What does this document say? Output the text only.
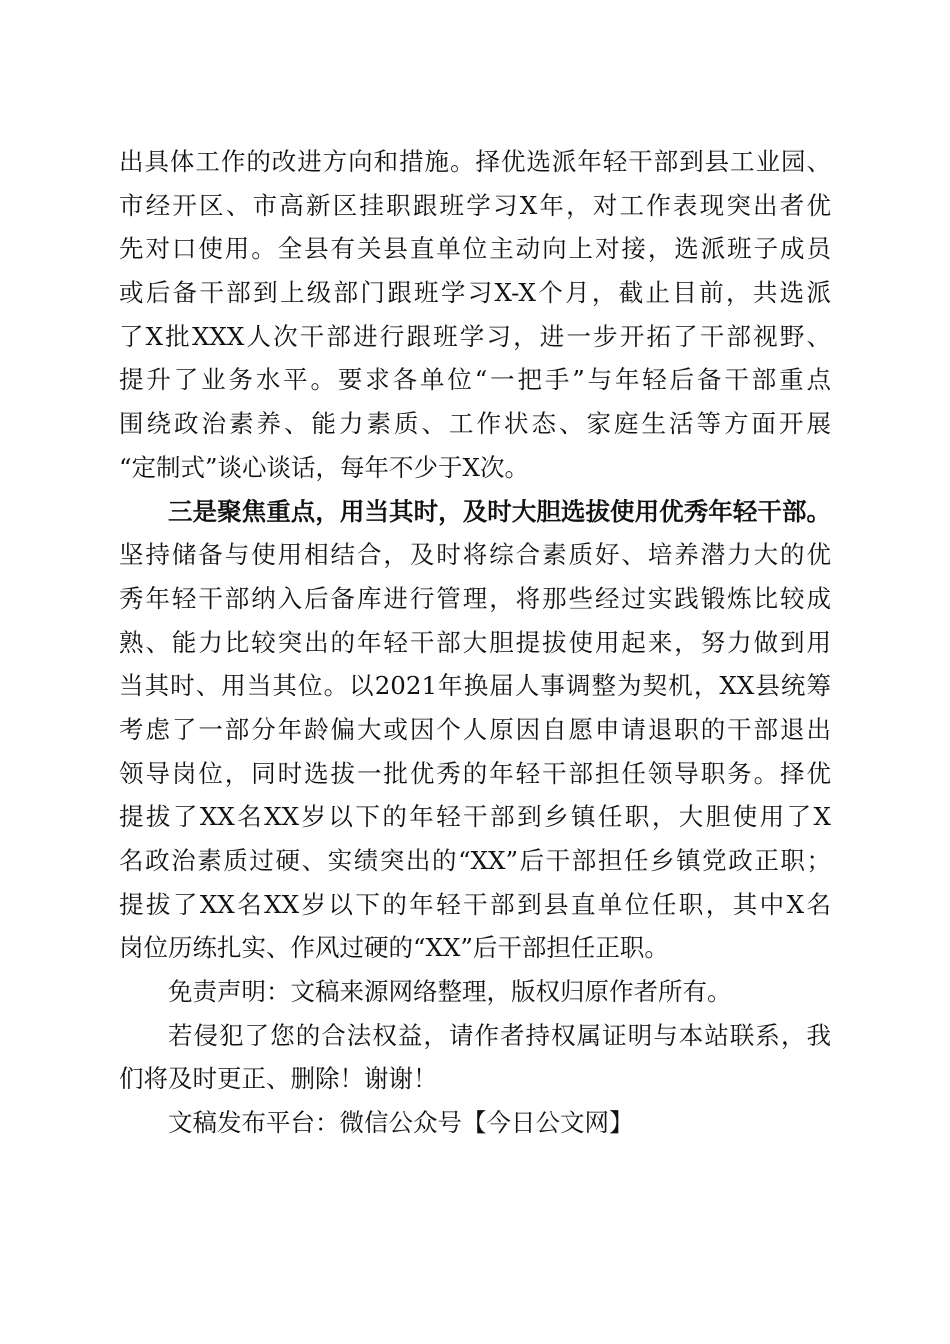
出具体工作的改进方向和措施。择优选派年轻干部到县工业园、
市经开区、市高新区挂职跟班学习X年，对工作表现突出者优
先对口使用。全县有关县直单位主动向上对接，选派班子成员
或后备干部到上级部门跟班学习X-X个月，截止目前，共选派
了X批XXX人次干部进行跟班学习，进一步开拓了干部视野、
提升了业务水平。要求各单位“一把手”与年轻后备干部重点
围绕政治素养、能力素质、工作状态、家庭生活等方面开展
“定制式”谈心谈话，每年不少于X次。

三是聚焦重点，用当其时，及时大胆选拔使用优秀年轻干部。
坚持储备与使用相结合，及时将综合素质好、培养潜力大的优
秀年轻干部纳入后备库进行管理，将那些经过实践锻炼比较成
熟、能力比较突出的年轻干部大胆提拔使用起来，努力做到用
当其时、用当其位。以2021年换届人事调整为契机，XX县统筹
考虑了一部分年龄偏大或因个人原因自愿申请退职的干部退出
领导岗位，同时选拔一批优秀的年轻干部担任领导职务。择优
提拔了XX名XX岁以下的年轻干部到乡镇任职，大胆使用了X
名政治素质过硬、实绩突出的“XX”后干部担任乡镇党政正职；
提拔了XX名XX岁以下的年轻干部到县直单位任职，其中X名
岗位历练扎实、作风过硬的“XX”后干部担任正职。

免责声明：文稿来源网络整理，版权归原作者所有。

若侵犯了您的合法权益，请作者持权属证明与本站联系，我
们将及时更正、删除！谢谢！

文稿发布平台：微信公众号【今日公文网】
